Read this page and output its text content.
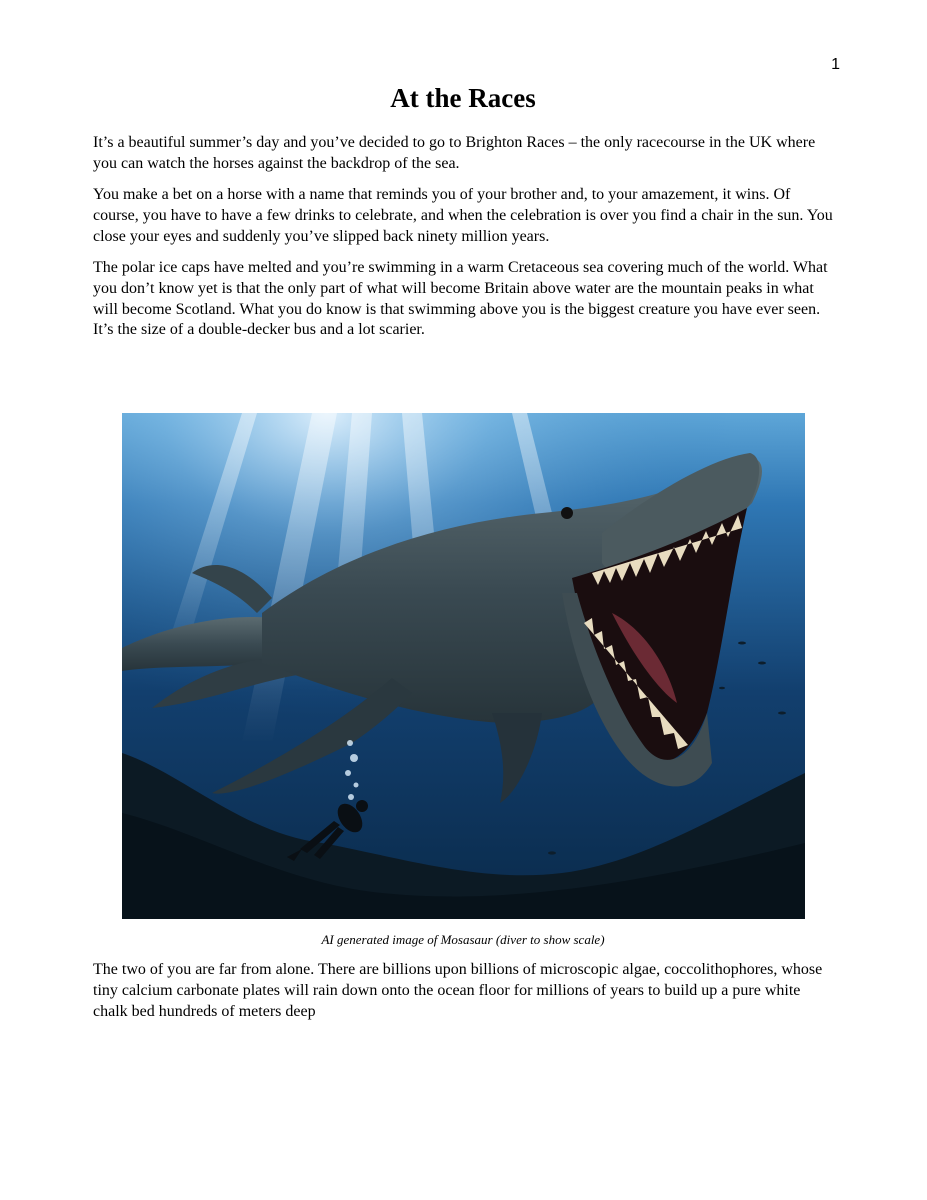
1
At the Races

It’s a beautiful summer’s day and you’ve decided to go to Brighton Races – the only racecourse in the UK where you can watch the horses against the backdrop of the sea.

You make a bet on a horse with a name that reminds you of your brother and, to your amazement, it wins. Of course, you have to have a few drinks to celebrate, and when the celebration is over you find a chair in the sun. You close your eyes and suddenly you’ve slipped back ninety million years.

The polar ice caps have melted and you’re swimming in a warm Cretaceous sea covering much of the world. What you don’t know yet is that the only part of what will become Britain above water are the mountain peaks in what will become Scotland. What you do know is that swimming above you is the biggest creature you have ever seen. It’s the size of a double-decker bus and a lot scarier.

AI generated image of Mosasaur (diver to show scale)

The two of you are far from alone. There are billions upon billions of microscopic algae, coccolithophores, whose tiny calcium carbonate plates will rain down onto the ocean floor for millions of years to build up a pure white chalk bed hundreds of meters deep
